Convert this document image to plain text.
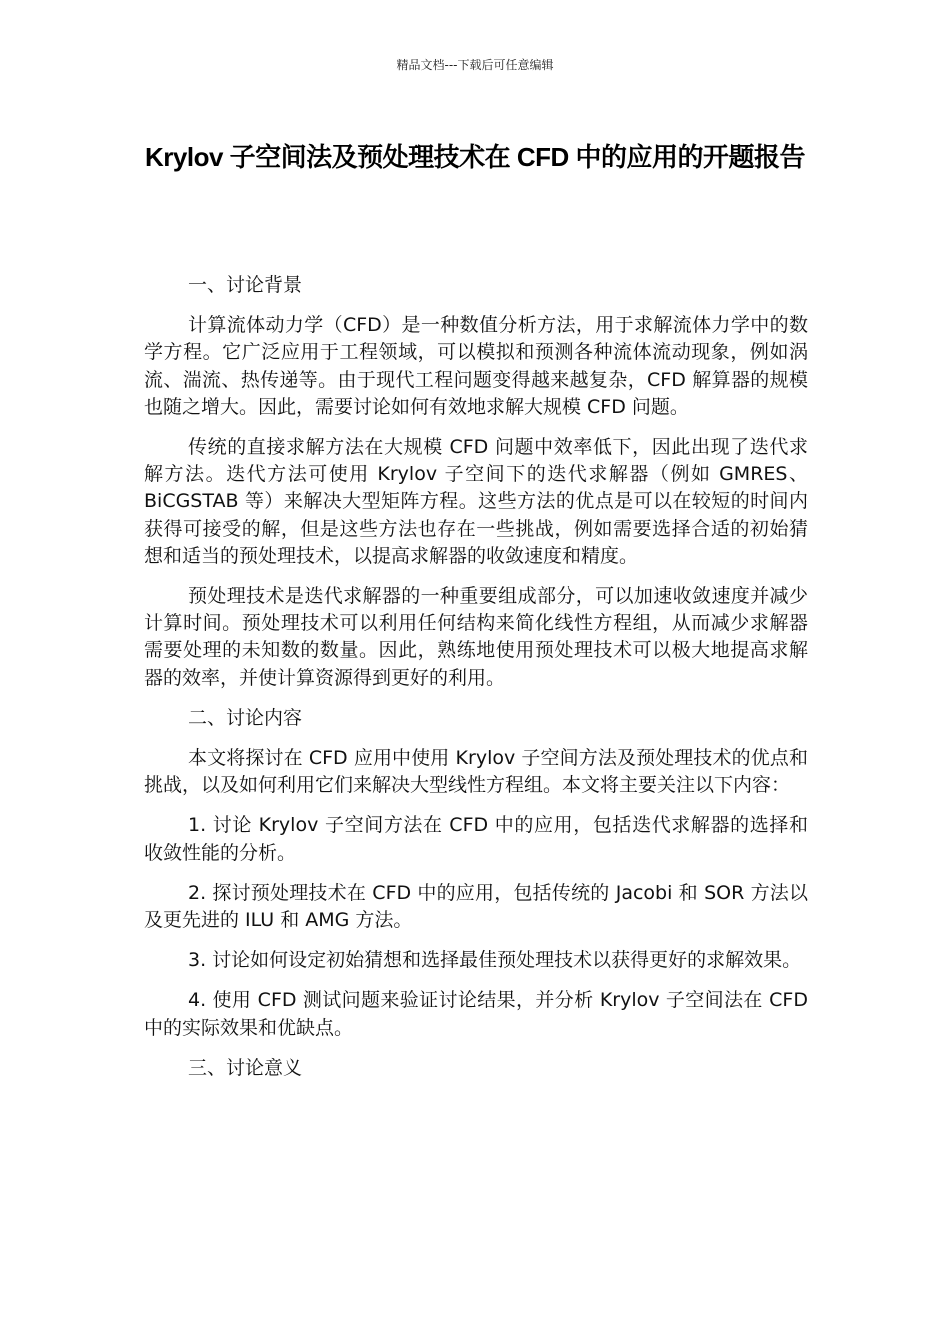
精品文档---下载后可任意编辑
Krylov 子空间法及预处理技术在 CFD 中的应用的开题报告

一、讨论背景

计算流体动力学（CFD）是一种数值分析方法，用于求解流体力学中的数学方程。它广泛应用于工程领域，可以模拟和预测各种流体流动现象，例如涡流、湍流、热传递等。由于现代工程问题变得越来越复杂，CFD 解算器的规模也随之增大。因此，需要讨论如何有效地求解大规模 CFD 问题。

传统的直接求解方法在大规模 CFD 问题中效率低下，因此出现了迭代求解方法。迭代方法可使用 Krylov 子空间下的迭代求解器（例如 GMRES、BiCGSTAB 等）来解决大型矩阵方程。这些方法的优点是可以在较短的时间内获得可接受的解，但是这些方法也存在一些挑战，例如需要选择合适的初始猜想和适当的预处理技术，以提高求解器的收敛速度和精度。

预处理技术是迭代求解器的一种重要组成部分，可以加速收敛速度并减少计算时间。预处理技术可以利用任何结构来简化线性方程组，从而减少求解器需要处理的未知数的数量。因此，熟练地使用预处理技术可以极大地提高求解器的效率，并使计算资源得到更好的利用。

二、讨论内容

本文将探讨在 CFD 应用中使用 Krylov 子空间方法及预处理技术的优点和挑战，以及如何利用它们来解决大型线性方程组。本文将主要关注以下内容：

1. 讨论 Krylov 子空间方法在 CFD 中的应用，包括迭代求解器的选择和收敛性能的分析。

2. 探讨预处理技术在 CFD 中的应用，包括传统的 Jacobi 和 SOR 方法以及更先进的 ILU 和 AMG 方法。

3. 讨论如何设定初始猜想和选择最佳预处理技术以获得更好的求解效果。

4. 使用 CFD 测试问题来验证讨论结果，并分析 Krylov 子空间法在 CFD 中的实际效果和优缺点。

三、讨论意义
